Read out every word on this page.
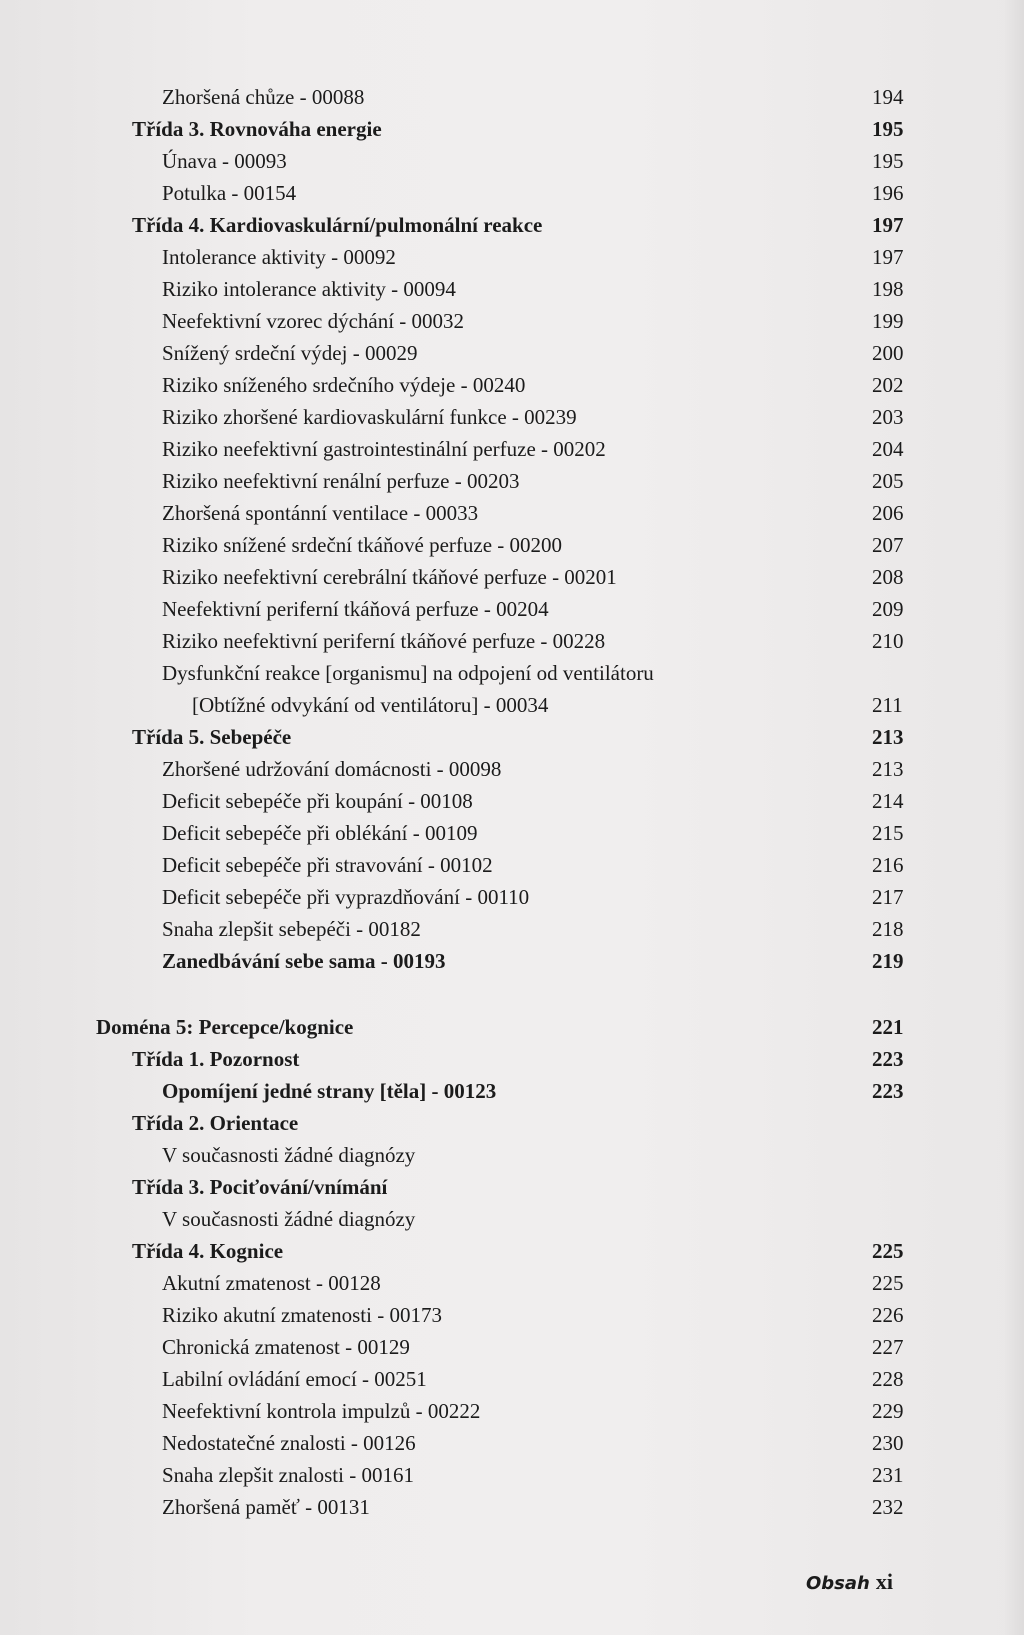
Zhoršená chůze - 00088	194
Třída 3. Rovnováha energie	195
Únava - 00093	195
Potulka - 00154	196
Třída 4. Kardiovaskulární/pulmonální reakce	197
Intolerance aktivity - 00092	197
Riziko intolerance aktivity - 00094	198
Neefektivní vzorec dýchání - 00032	199
Snížený srdeční výdej - 00029	200
Riziko sníženého srdečního výdeje - 00240	202
Riziko zhoršené kardiovaskulární funkce - 00239	203
Riziko neefektivní gastrointestinální perfuze - 00202	204
Riziko neefektivní renální perfuze - 00203	205
Zhoršená spontánní ventilace - 00033	206
Riziko snížené srdeční tkáňové perfuze - 00200	207
Riziko neefektivní cerebrální tkáňové perfuze - 00201	208
Neefektivní periferní tkáňová perfuze - 00204	209
Riziko neefektivní periferní tkáňové perfuze - 00228	210
Dysfunkční reakce [organismu] na odpojení od ventilátoru
[Obtížné odvykání od ventilátoru] - 00034	211
Třída 5. Sebepéče	213
Zhoršené udržování domácnosti - 00098	213
Deficit sebepéče při koupání - 00108	214
Deficit sebepéče při oblékání - 00109	215
Deficit sebepéče při stravování - 00102	216
Deficit sebepéče při vyprazdňování - 00110	217
Snaha zlepšit sebepéči - 00182	218
Zanedbávání sebe sama - 00193	219
Doména 5: Percepce/kognice	221
Třída 1. Pozornost	223
Opomíjení jedné strany [těla] - 00123	223
Třída 2. Orientace
V současnosti žádné diagnózy
Třída 3. Pociťování/vnímání
V současnosti žádné diagnózy
Třída 4. Kognice	225
Akutní zmatenost - 00128	225
Riziko akutní zmatenosti - 00173	226
Chronická zmatenost - 00129	227
Labilní ovládání emocí - 00251	228
Neefektivní kontrola impulzů - 00222	229
Nedostatečné znalosti - 00126	230
Snaha zlepšit znalosti - 00161	231
Zhoršená paměť - 00131	232
Obsah xi
